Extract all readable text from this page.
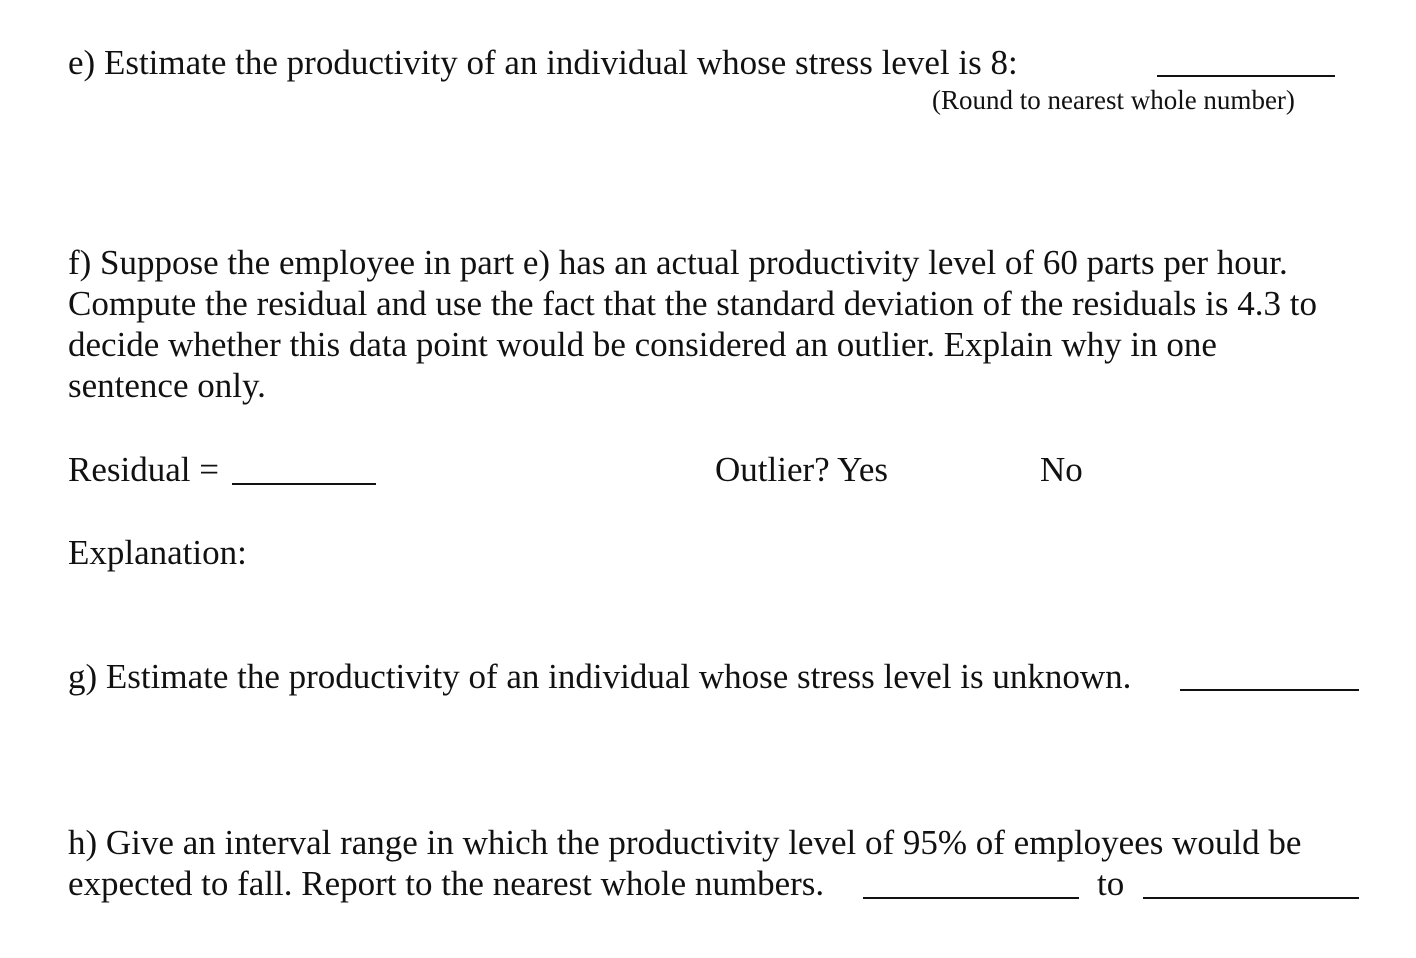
e) Estimate the productivity of an individual whose stress level is 8:
(Round to nearest whole number)
f) Suppose the employee in part e) has an actual productivity level of 60 parts per hour.
Compute the residual and use the fact that the standard deviation of the residuals is 4.3 to
decide whether this data point would be considered an outlier. Explain why in one
sentence only.
Residual =	Outlier? Yes	No
Explanation:
g) Estimate the productivity of an individual whose stress level is unknown.
h) Give an interval range in which the productivity level of 95% of employees would be
expected to fall. Report to the nearest whole numbers.	to
